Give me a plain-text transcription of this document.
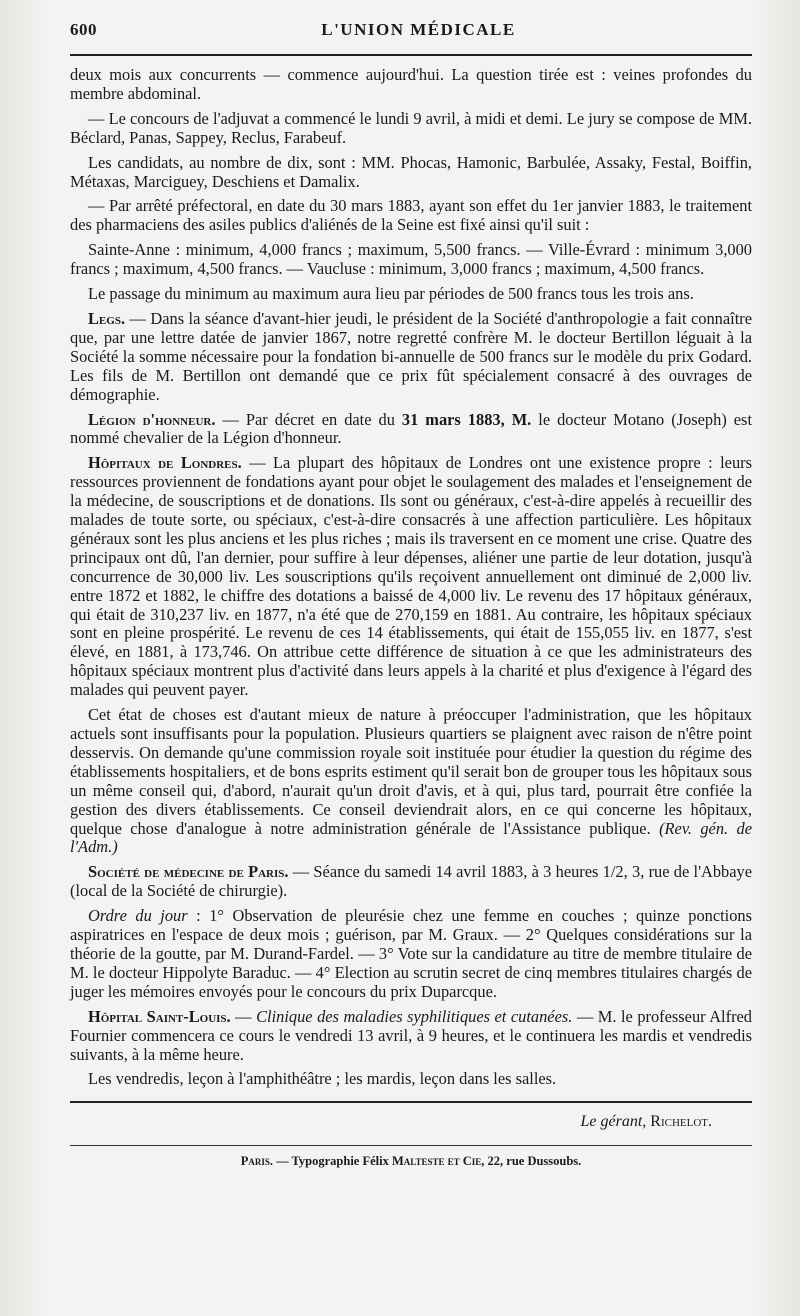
600	L'UNION MÉDICALE

deux mois aux concurrents — commence aujourd'hui. La question tirée est : veines profondes du membre abdominal.

— Le concours de l'adjuvat a commencé le lundi 9 avril, à midi et demi. Le jury se compose de MM. Béclard, Panas, Sappey, Reclus, Farabeuf.

Les candidats, au nombre de dix, sont : MM. Phocas, Hamonic, Barbulée, Assaky, Festal, Boiffin, Métaxas, Marciguey, Deschiens et Damalix.

— Par arrêté préfectoral, en date du 30 mars 1883, ayant son effet du 1er janvier 1883, le traitement des pharmaciens des asiles publics d'aliénés de la Seine est fixé ainsi qu'il suit :

Sainte-Anne : minimum, 4,000 francs ; maximum, 5,500 francs. — Ville-Évrard : minimum 3,000 francs ; maximum, 4,500 francs. — Vaucluse : minimum, 3,000 francs ; maximum, 4,500 francs.

Le passage du minimum au maximum aura lieu par périodes de 500 francs tous les trois ans.

Legs. — Dans la séance d'avant-hier jeudi, le président de la Société d'anthropologie a fait connaître que, par une lettre datée de janvier 1867, notre regretté confrère M. le docteur Bertillon léguait à la Société la somme nécessaire pour la fondation bi-annuelle de 500 francs sur le modèle du prix Godard. Les fils de M. Bertillon ont demandé que ce prix fût spécialement consacré à des ouvrages de démographie.

Légion d'honneur. — Par décret en date du 31 mars 1883, M. le docteur Motano (Joseph) est nommé chevalier de la Légion d'honneur.

Hôpitaux de Londres. — La plupart des hôpitaux de Londres ont une existence propre : leurs ressources proviennent de fondations ayant pour objet le soulagement des malades et l'enseignement de la médecine, de souscriptions et de donations. Ils sont ou généraux, c'est-à-dire appelés à recueillir des malades de toute sorte, ou spéciaux, c'est-à-dire consacrés à une affection particulière. Les hôpitaux généraux sont les plus anciens et les plus riches ; mais ils traversent en ce moment une crise. Quatre des principaux ont dû, l'an dernier, pour suffire à leur dépenses, aliéner une partie de leur dotation, jusqu'à concurrence de 30,000 liv. Les souscriptions qu'ils reçoivent annuellement ont diminué de 2,000 liv. entre 1872 et 1882, le chiffre des dotations a baissé de 4,000 liv. Le revenu des 17 hôpitaux généraux, qui était de 310,237 liv. en 1877, n'a été que de 270,159 en 1881. Au contraire, les hôpitaux spéciaux sont en pleine prospérité. Le revenu de ces 14 établissements, qui était de 155,055 liv. en 1877, s'est élevé, en 1881, à 173,746. On attribue cette différence de situation à ce que les administrateurs des hôpitaux spéciaux montrent plus d'activité dans leurs appels à la charité et plus d'exigence à l'égard des malades qui peuvent payer.

Cet état de choses est d'autant mieux de nature à préoccuper l'administration, que les hôpitaux actuels sont insuffisants pour la population. Plusieurs quartiers se plaignent avec raison de n'être point desservis. On demande qu'une commission royale soit instituée pour étudier la question du régime des établissements hospitaliers, et de bons esprits estiment qu'il serait bon de grouper tous les hôpitaux sous un même conseil qui, d'abord, n'aurait qu'un droit d'avis, et à qui, plus tard, pourrait être confiée la gestion des divers établissements. Ce conseil deviendrait alors, en ce qui concerne les hôpitaux, quelque chose d'analogue à notre administration générale de l'Assistance publique. (Rev. gén. de l'Adm.)

Société de médecine de Paris. — Séance du samedi 14 avril 1883, à 3 heures 1/2, 3, rue de l'Abbaye (local de la Société de chirurgie).

Ordre du jour : 1° Observation de pleurésie chez une femme en couches ; quinze ponctions aspiratrices en l'espace de deux mois ; guérison, par M. Graux. — 2° Quelques considérations sur la théorie de la goutte, par M. Durand-Fardel. — 3° Vote sur la candidature au titre de membre titulaire de M. le docteur Hippolyte Baraduc. — 4° Election au scrutin secret de cinq membres titulaires chargés de juger les mémoires envoyés pour le concours du prix Duparcque.

Hôpital Saint-Louis. — Clinique des maladies syphilitiques et cutanées. — M. le professeur Alfred Fournier commencera ce cours le vendredi 13 avril, à 9 heures, et le continuera les mardis et vendredis suivants, à la même heure.

Les vendredis, leçon à l'amphithéâtre ; les mardis, leçon dans les salles.

Le gérant, Richelot.
Paris. — Typographie Félix Malteste et Cie, 22, rue Dussoubs.
